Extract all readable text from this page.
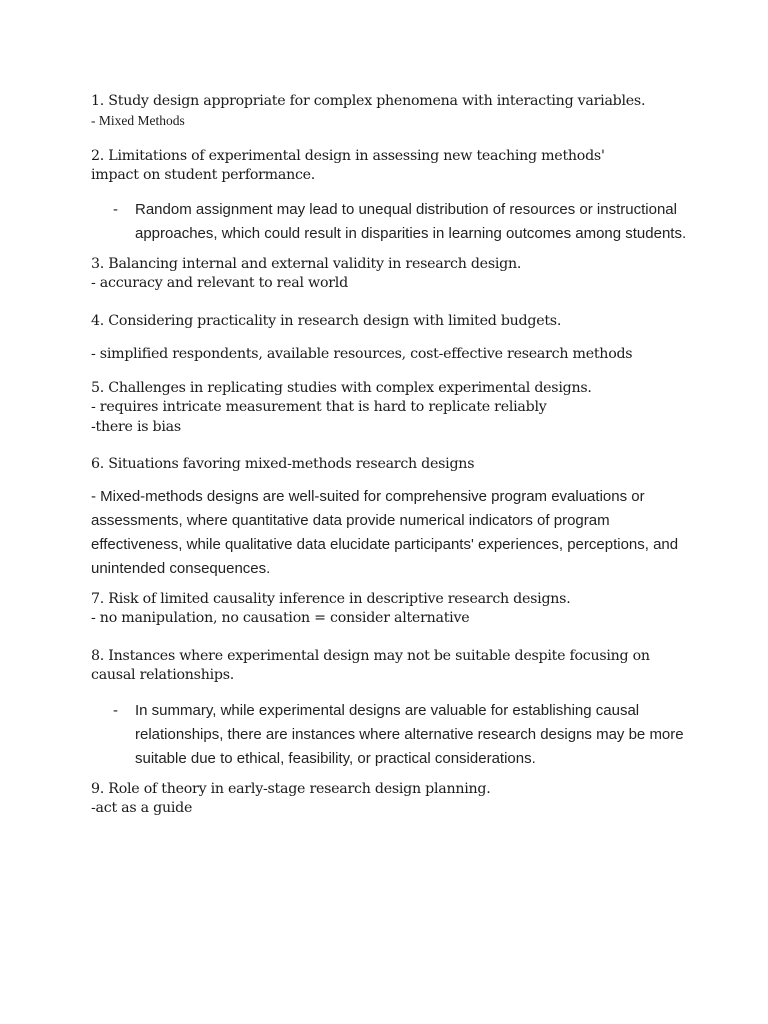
1. Study design appropriate for complex phenomena with interacting variables.

- Mixed Methods

2. Limitations of experimental design in assessing new teaching methods'

impact on student performance.

- Random assignment may lead to unequal distribution of resources or instructional approaches, which could result in disparities in learning outcomes among students.

3. Balancing internal and external validity in research design.

- accuracy and relevant to real world

4. Considering practicality in research design with limited budgets.

- simplified respondents, available resources, cost-effective research methods

5. Challenges in replicating studies with complex experimental designs.

- requires intricate measurement that is hard to replicate reliably

-there is bias

6. Situations favoring mixed-methods research designs

- Mixed-methods designs are well-suited for comprehensive program evaluations or assessments, where quantitative data provide numerical indicators of program effectiveness, while qualitative data elucidate participants' experiences, perceptions, and unintended consequences.

7. Risk of limited causality inference in descriptive research designs.

- no manipulation, no causation = consider alternative

8. Instances where experimental design may not be suitable despite focusing on

causal relationships.

- In summary, while experimental designs are valuable for establishing causal relationships, there are instances where alternative research designs may be more suitable due to ethical, feasibility, or practical considerations.

9. Role of theory in early-stage research design planning.

-act as a guide
